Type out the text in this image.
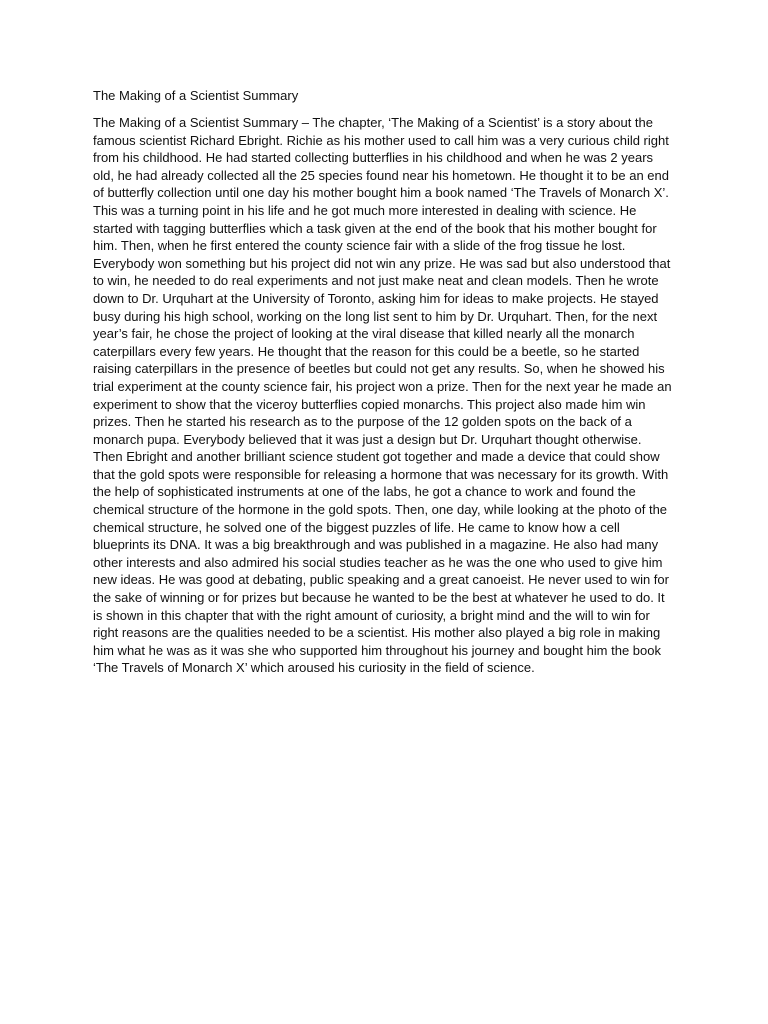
The Making of a Scientist Summary
The Making of a Scientist Summary – The chapter, ‘The Making of a Scientist’ is a story about the
famous scientist Richard Ebright. Richie as his mother used to call him was a very curious child right
from his childhood. He had started collecting butterflies in his childhood and when he was 2 years
old, he had already collected all the 25 species found near his hometown. He thought it to be an end
of butterfly collection until one day his mother bought him a book named ‘The Travels of Monarch X’.
This was a turning point in his life and he got much more interested in dealing with science. He
started with tagging butterflies which a task given at the end of the book that his mother bought for
him. Then, when he first entered the county science fair with a slide of the frog tissue he lost.
Everybody won something but his project did not win any prize. He was sad but also understood that
to win, he needed to do real experiments and not just make neat and clean models. Then he wrote
down to Dr. Urquhart at the University of Toronto, asking him for ideas to make projects. He stayed
busy during his high school, working on the long list sent to him by Dr. Urquhart. Then, for the next
year’s fair, he chose the project of looking at the viral disease that killed nearly all the monarch
caterpillars every few years. He thought that the reason for this could be a beetle, so he started
raising caterpillars in the presence of beetles but could not get any results. So, when he showed his
trial experiment at the county science fair, his project won a prize. Then for the next year he made an
experiment to show that the viceroy butterflies copied monarchs. This project also made him win
prizes. Then he started his research as to the purpose of the 12 golden spots on the back of a
monarch pupa. Everybody believed that it was just a design but Dr. Urquhart thought otherwise.
Then Ebright and another brilliant science student got together and made a device that could show
that the gold spots were responsible for releasing a hormone that was necessary for its growth. With
the help of sophisticated instruments at one of the labs, he got a chance to work and found the
chemical structure of the hormone in the gold spots. Then, one day, while looking at the photo of the
chemical structure, he solved one of the biggest puzzles of life. He came to know how a cell
blueprints its DNA. It was a big breakthrough and was published in a magazine. He also had many
other interests and also admired his social studies teacher as he was the one who used to give him
new ideas. He was good at debating, public speaking and a great canoeist. He never used to win for
the sake of winning or for prizes but because he wanted to be the best at whatever he used to do. It
is shown in this chapter that with the right amount of curiosity, a bright mind and the will to win for
right reasons are the qualities needed to be a scientist. His mother also played a big role in making
him what he was as it was she who supported him throughout his journey and bought him the book
‘The Travels of Monarch X’ which aroused his curiosity in the field of science.
